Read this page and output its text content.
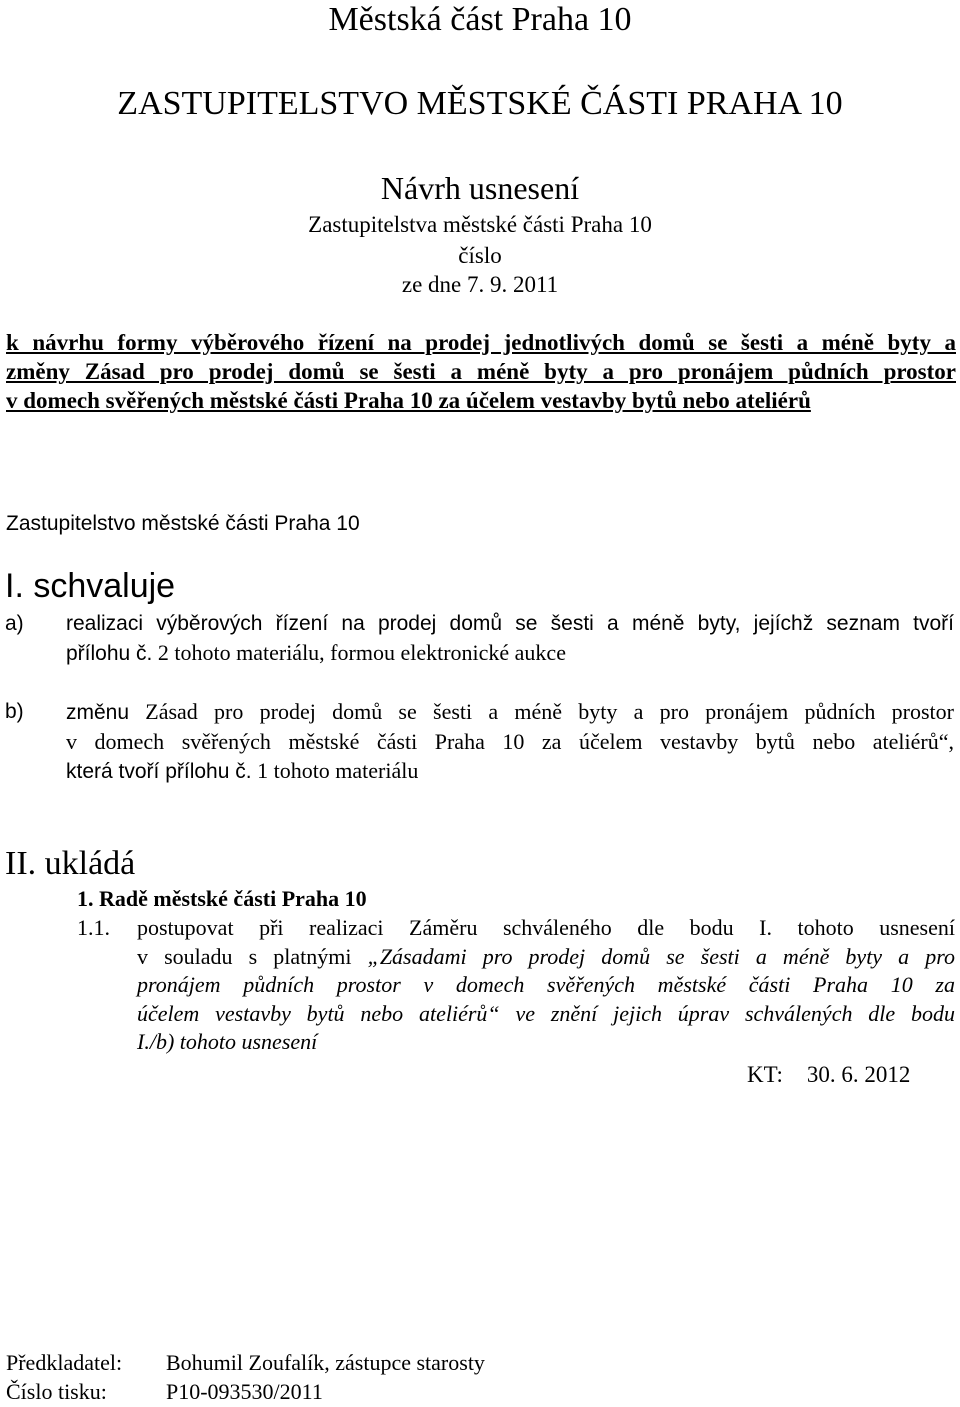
Městská část Praha 10
ZASTUPITELSTVO MĚSTSKÉ ČÁSTI PRAHA 10
Návrh usnesení
Zastupitelstva městské části Praha 10
číslo
ze dne 7. 9. 2011
k návrhu formy výběrového řízení na prodej jednotlivých domů se šesti a méně byty a
změny Zásad pro prodej domů se šesti a méně byty a pro pronájem půdních prostor
v domech svěřených městské části Praha 10 za účelem vestavby bytů nebo ateliérů
Zastupitelstvo městské části Praha 10
I. schvaluje
a) realizaci výběrových řízení na prodej domů se šesti a méně byty, jejíchž seznam tvoří
přílohu č. 2 tohoto materiálu, formou elektronické aukce
b) změnu Zásad pro prodej domů se šesti a méně byty a pro pronájem půdních prostor
v domech svěřených městské části Praha 10 za účelem vestavby bytů nebo ateliérů“,
která tvoří přílohu č. 1 tohoto materiálu
II. ukládá
1. Radě městské části Praha 10
1.1. postupovat při realizaci Záměru schváleného dle bodu I. tohoto usnesení
v souladu s platnými „Zásadami pro prodej domů se šesti a méně byty a pro
pronájem půdních prostor v domech svěřených městské části Praha 10 za
účelem vestavby bytů nebo ateliérů“ ve znění jejich úprav schválených dle bodu
I./b) tohoto usnesení
KT: 30. 6. 2012
Předkladatel: Bohumil Zoufalík, zástupce starosty
Číslo tisku:	P10-093530/2011
